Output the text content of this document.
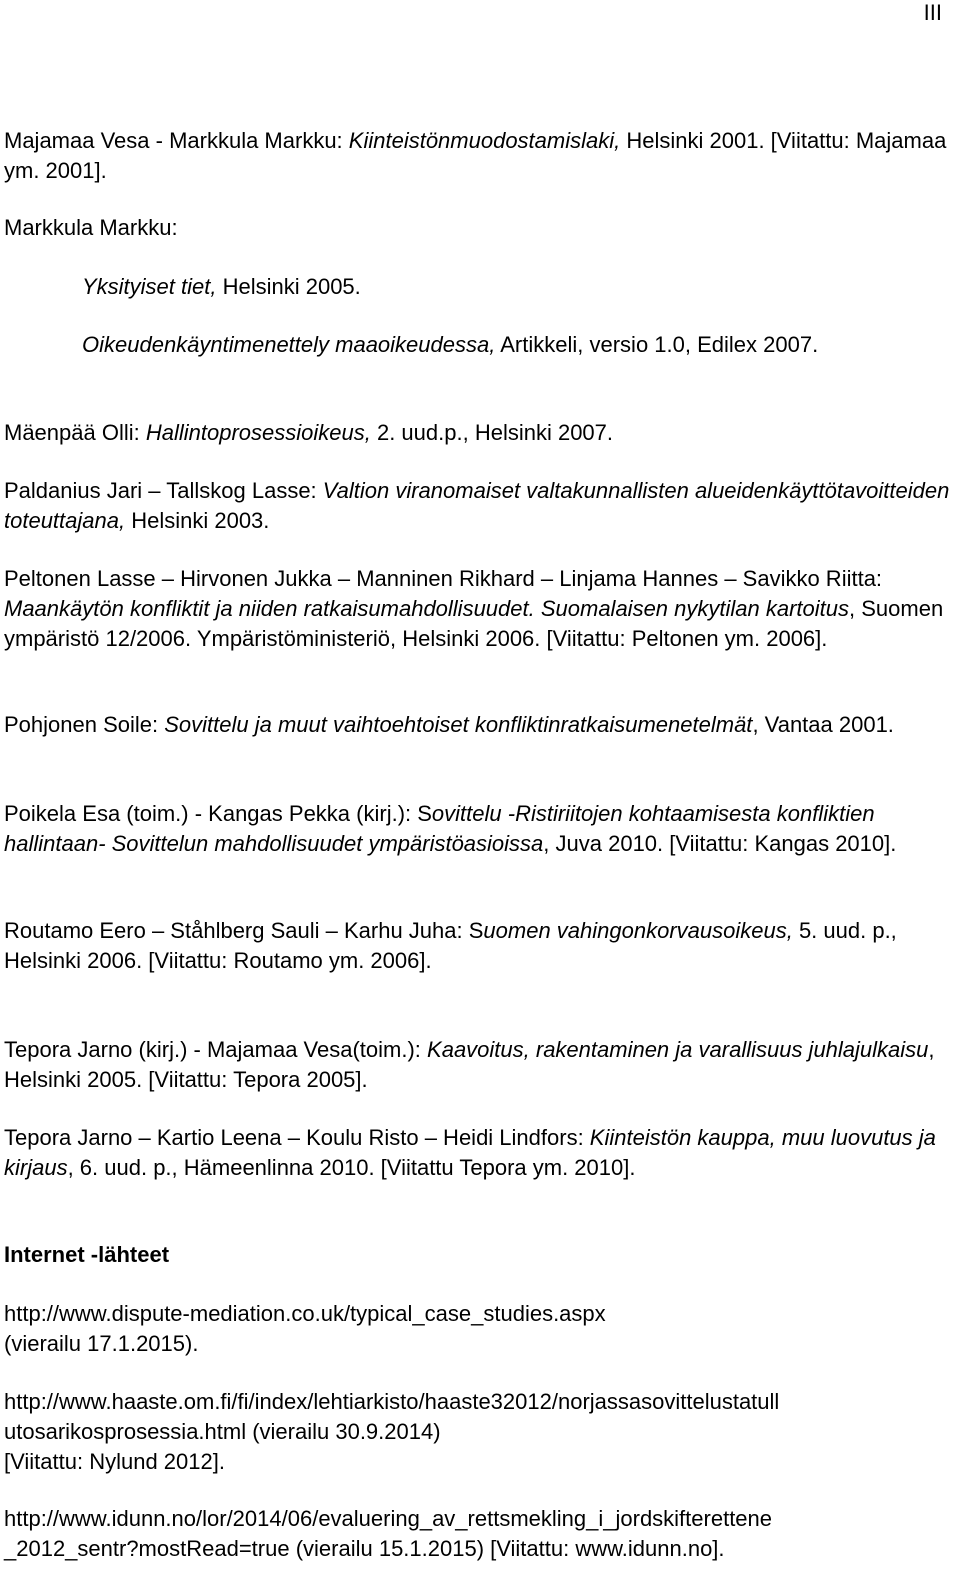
III

Majamaa Vesa - Markkula Markku: Kiinteistönmuodostamislaki, Helsinki 2001. [Viitattu: Majamaa ym. 2001].

Markkula Markku:

Yksityiset tiet, Helsinki 2005.

Oikeudenkäyntimenettely maaoikeudessa, Artikkeli, versio 1.0, Edilex 2007.

Mäenpää Olli: Hallintoprosessioikeus, 2. uud.p., Helsinki 2007.

Paldanius Jari – Tallskog Lasse: Valtion viranomaiset valtakunnallisten alueidenkäyttötavoitteiden toteuttajana, Helsinki 2003.

Peltonen Lasse – Hirvonen Jukka – Manninen Rikhard – Linjama Hannes – Savikko Riitta: Maankäytön konfliktit ja niiden ratkaisumahdollisuudet. Suomalaisen nykytilan kartoitus, Suomen ympäristö 12/2006. Ympäristöministeriö, Helsinki 2006. [Viitattu: Peltonen ym. 2006].

Pohjonen Soile: Sovittelu ja muut vaihtoehtoiset konfliktinratkaisumenetelmät, Vantaa 2001.

Poikela Esa (toim.) - Kangas Pekka (kirj.): Sovittelu -Ristiriitojen kohtaamisesta konfliktien hallintaan- Sovittelun mahdollisuudet ympäristöasioissa, Juva 2010. [Viitattu: Kangas 2010].

Routamo Eero – Ståhlberg Sauli – Karhu Juha: Suomen vahingonkorvausoikeus, 5. uud. p., Helsinki 2006. [Viitattu: Routamo ym. 2006].

Tepora Jarno (kirj.) - Majamaa Vesa(toim.): Kaavoitus, rakentaminen ja varallisuus juhlajulkaisu, Helsinki 2005. [Viitattu: Tepora 2005].

Tepora Jarno – Kartio Leena – Koulu Risto – Heidi Lindfors: Kiinteistön kauppa, muu luovutus ja kirjaus, 6. uud. p., Hämeenlinna 2010. [Viitattu Tepora ym. 2010].

Internet -lähteet

http://www.dispute-mediation.co.uk/typical_case_studies.aspx
(vierailu 17.1.2015).

http://www.haaste.om.fi/fi/index/lehtiarkisto/haaste32012/norjassasovittelustatull
utosarikosprosessia.html (vierailu 30.9.2014)
[Viitattu: Nylund 2012].

http://www.idunn.no/lor/2014/06/evaluering_av_rettsmekling_i_jordskifterettene
_2012_sentr?mostRead=true (vierailu 15.1.2015) [Viitattu: www.idunn.no].
